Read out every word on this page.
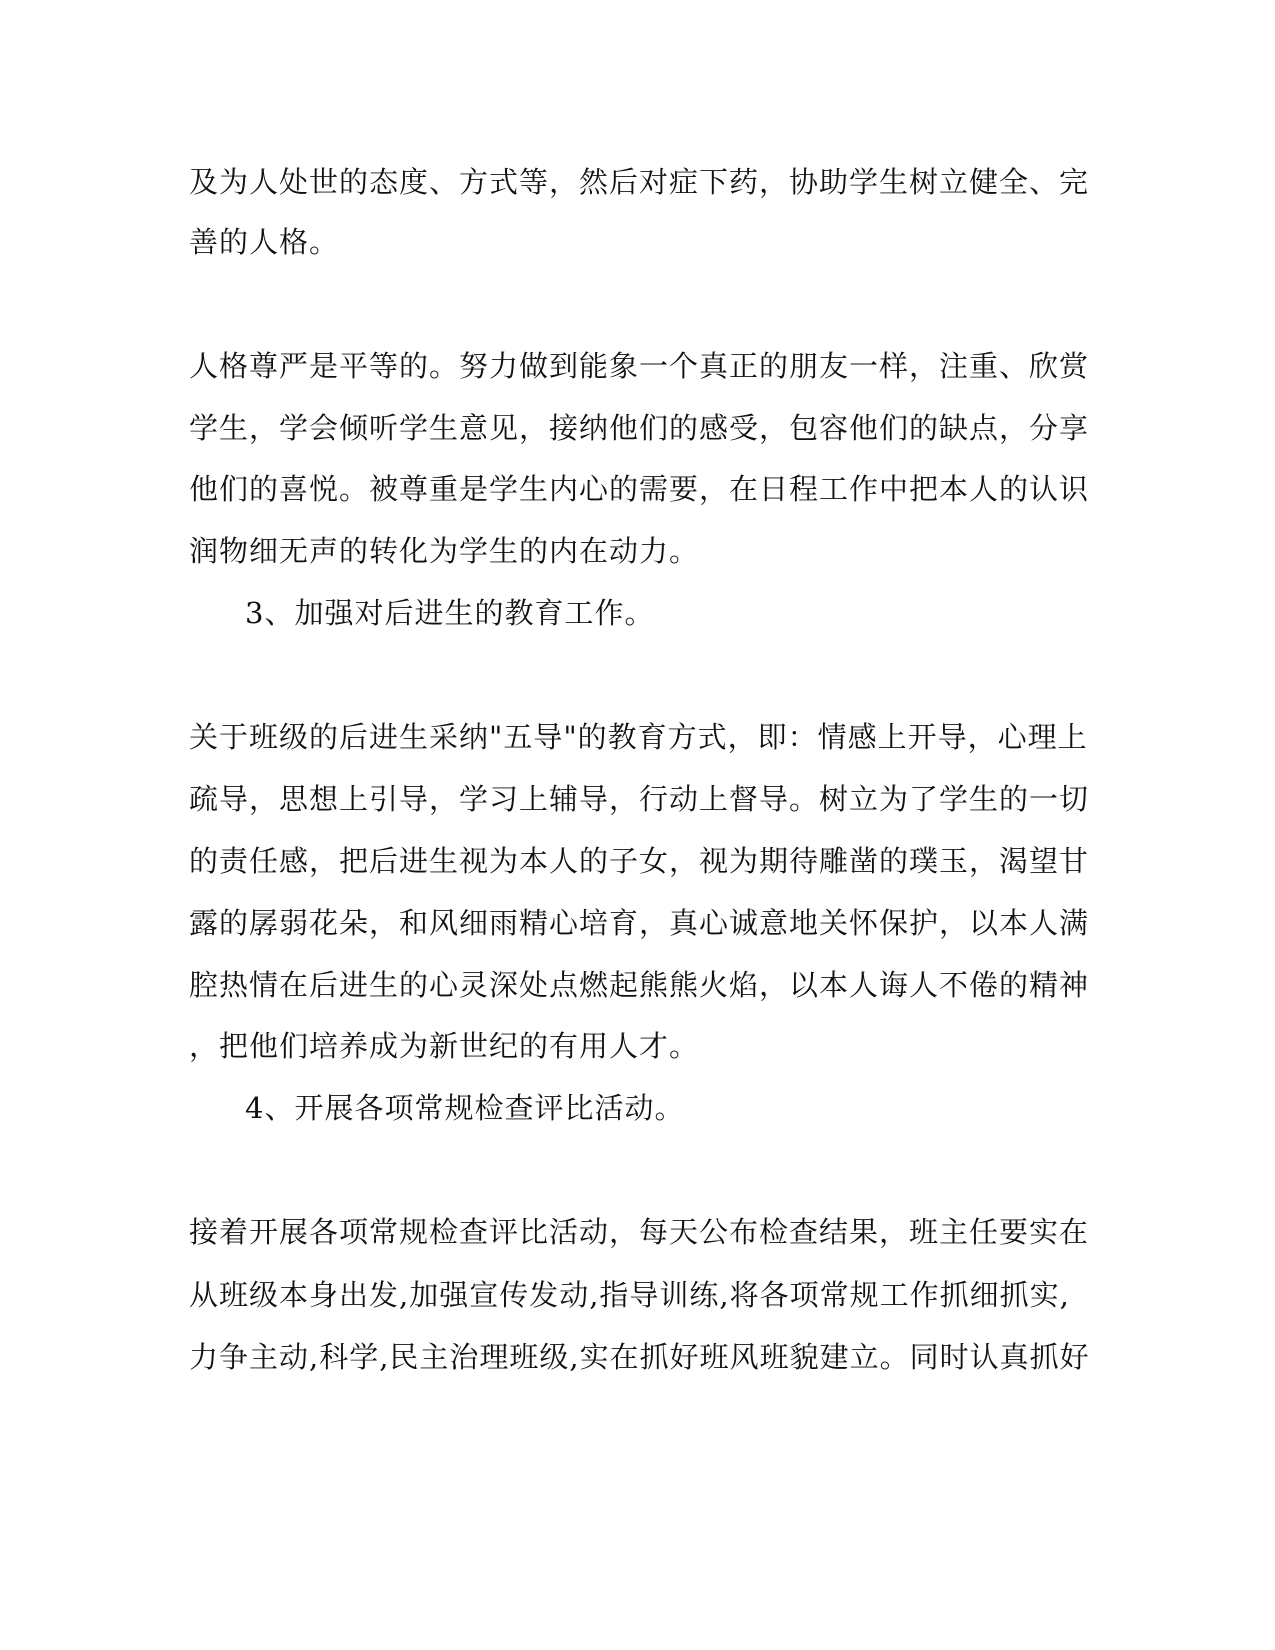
及为人处世的态度、方式等，然后对症下药，协助学生树立健全、完
善的人格。
人格尊严是平等的。努力做到能象一个真正的朋友一样，注重、欣赏
学生，学会倾听学生意见，接纳他们的感受，包容他们的缺点，分享
他们的喜悦。被尊重是学生内心的需要，在日程工作中把本人的认识
润物细无声的转化为学生的内在动力。
3、加强对后进生的教育工作。
关于班级的后进生采纳"五导"的教育方式，即：情感上开导，心理上
疏导，思想上引导，学习上辅导，行动上督导。树立为了学生的一切
的责任感，把后进生视为本人的子女，视为期待雕凿的璞玉，渴望甘
露的孱弱花朵，和风细雨精心培育，真心诚意地关怀保护，以本人满
腔热情在后进生的心灵深处点燃起熊熊火焰，以本人诲人不倦的精神
，把他们培养成为新世纪的有用人才。
4、开展各项常规检查评比活动。
接着开展各项常规检查评比活动，每天公布检查结果，班主任要实在
从班级本身出发,加强宣传发动,指导训练,将各项常规工作抓细抓实,
力争主动,科学,民主治理班级,实在抓好班风班貌建立。同时认真抓好
